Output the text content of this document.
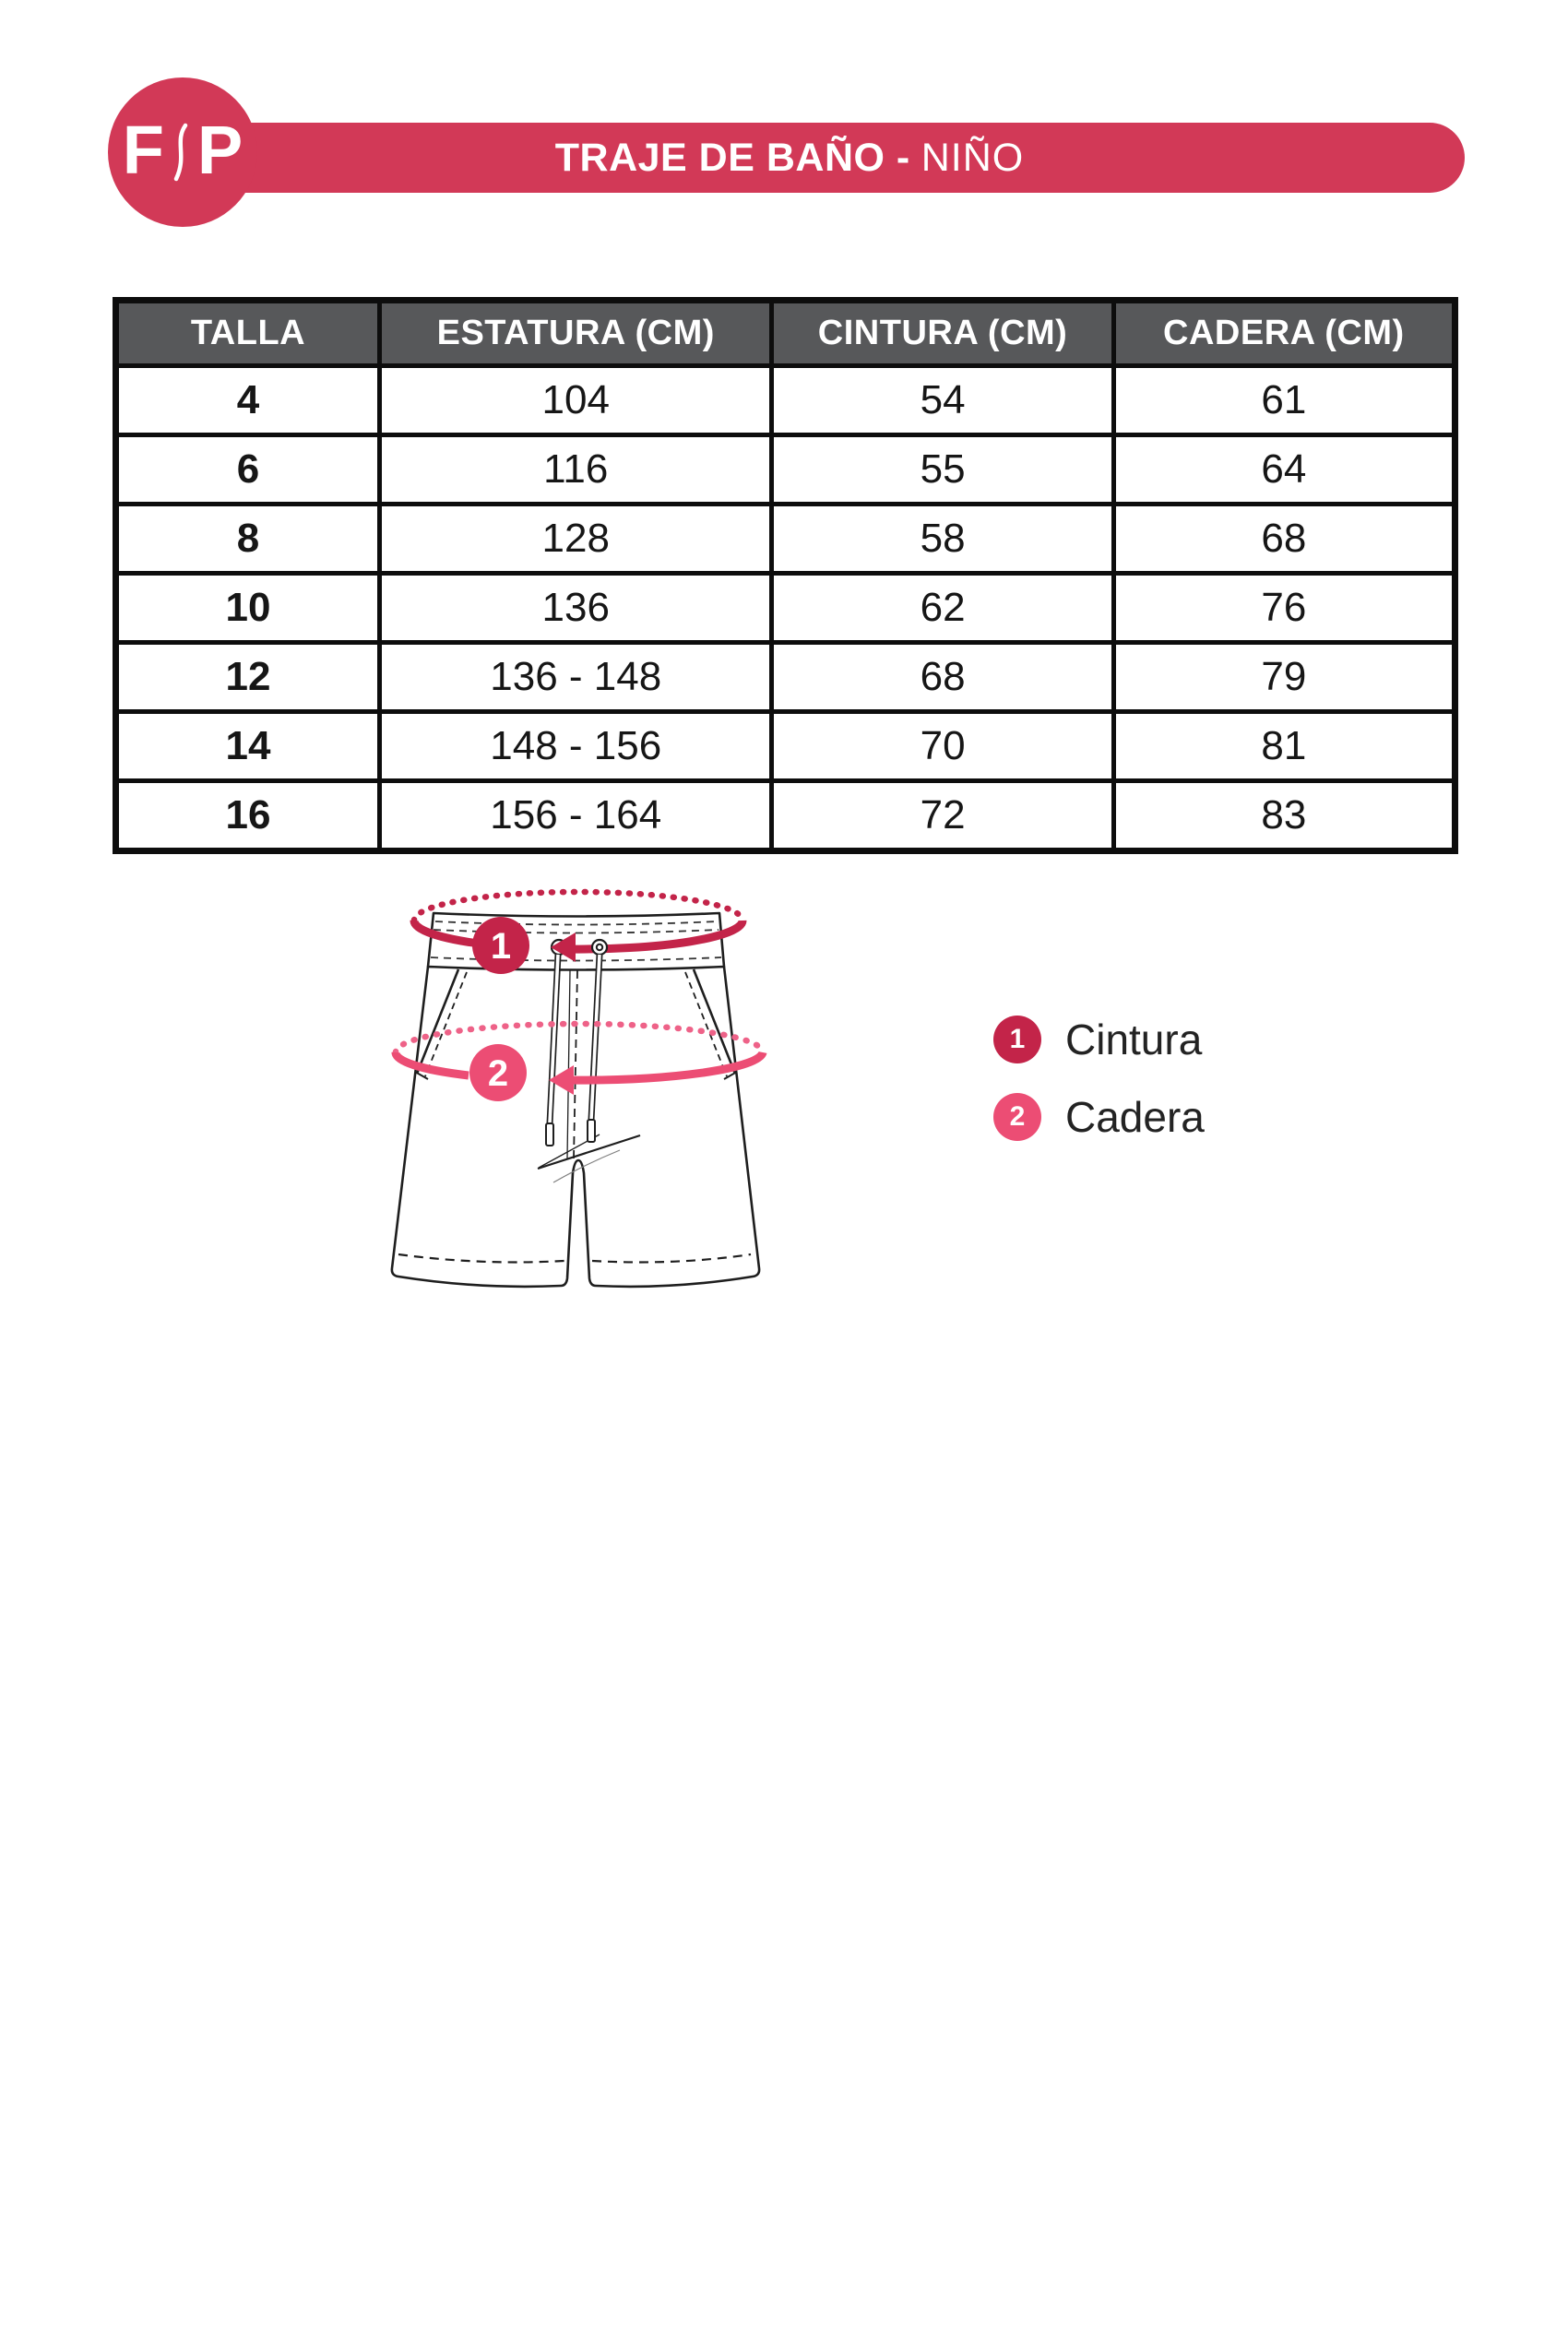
TRAJE DE BAÑO - NIÑO
F P
TALLA	ESTATURA (CM)	CINTURA (CM)	CADERA (CM)
4	104	54	61
6	116	55	64
8	128	58	68
10	136	62	76
12	136 - 148	68	79
14	148 - 156	70	81
16	156 - 164	72	83
1
2
1 Cintura
2 Cadera
